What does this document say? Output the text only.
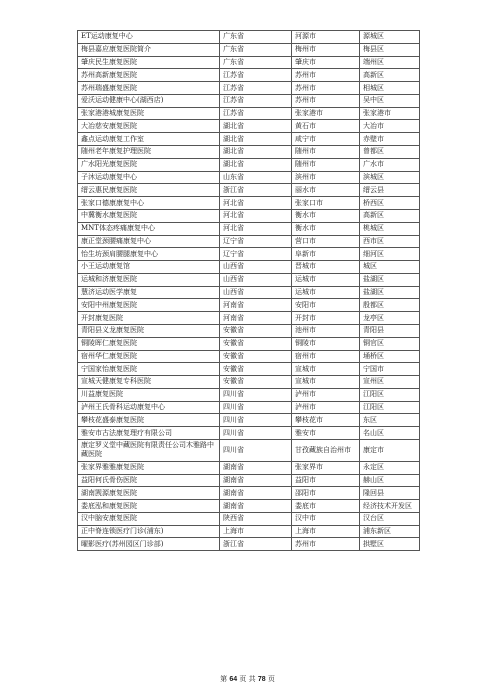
ET运动康复中心	广东省	河源市	源城区
梅县嘉应康复医院简介	广东省	梅州市	梅县区
肇庆民生康复医院	广东省	肇庆市	端州区
苏州高新康复医院	江苏省	苏州市	高新区
苏州瑞盛康复医院	江苏省	苏州市	相城区
爱沃运动健康中心(湖西店)	江苏省	苏州市	吴中区
张家港港城康复医院	江苏省	张家港市	张家港市
大冶慈安康复医院	湖北省	黄石市	大冶市
鑫点运动康复工作室	湖北省	咸宁市	赤壁市
随州老年康复护理医院	湖北省	随州市	曾都区
广水阳光康复医院	湖北省	随州市	广水市
子沐运动康复中心	山东省	滨州市	滨城区
缙云惠民康复医院	浙江省	丽水市	缙云县
张家口德康康复中心	河北省	张家口市	桥西区
中冀衡水康复医院	河北省	衡水市	高新区
MNT体态疼痛康复中心	河北省	衡水市	桃城区
康正堂颈腰痛康复中心	辽宁省	营口市	西市区
怡生坊颈肩腰腿康复中心	辽宁省	阜新市	细河区
小王运动康复馆	山西省	晋城市	城区
运城和济康复医院	山西省	运城市	盐湖区
慧济运动医学康复	山西省	运城市	盐湖区
安阳中州康复医院	河南省	安阳市	殷都区
开封康复医院	河南省	开封市	龙亭区
青阳县义龙康复医院	安徽省	池州市	青阳县
铜陵晖仁康复医院	安徽省	铜陵市	铜官区
宿州华仁康复医院	安徽省	宿州市	埇桥区
宁国家怡康复医院	安徽省	宣城市	宁国市
宣城天健康复专科医院	安徽省	宣城市	宣州区
川益康复医院	四川省	泸州市	江阳区
泸州王氏骨科运动康复中心	四川省	泸州市	江阳区
攀枝花盛泰康复医院	四川省	攀枝花市	东区
雅安市古法康复理疗有限公司	四川省	雅安市	名山区
康定罗义堂中藏医院有限责任公司木雅路中藏医院	四川省	甘孜藏族自治州市	康定市
张家界雅雅康复医院	湖南省	张家界市	永定区
益阳何氏骨伤医院	湖南省	益阳市	赫山区
湖南觊源康复医院	湖南省	邵阳市	隆回县
娄底泓和康复医院	湖南省	娄底市	经济技术开发区
汉中脑安康复医院	陕西省	汉中市	汉台区
正中脊连锁医疗门诊(浦东)	上海市	上海市	浦东新区
曜影医疗(苏州园区门诊部)	浙江省	苏州市	拱墅区
第 64 页 共 78 页
